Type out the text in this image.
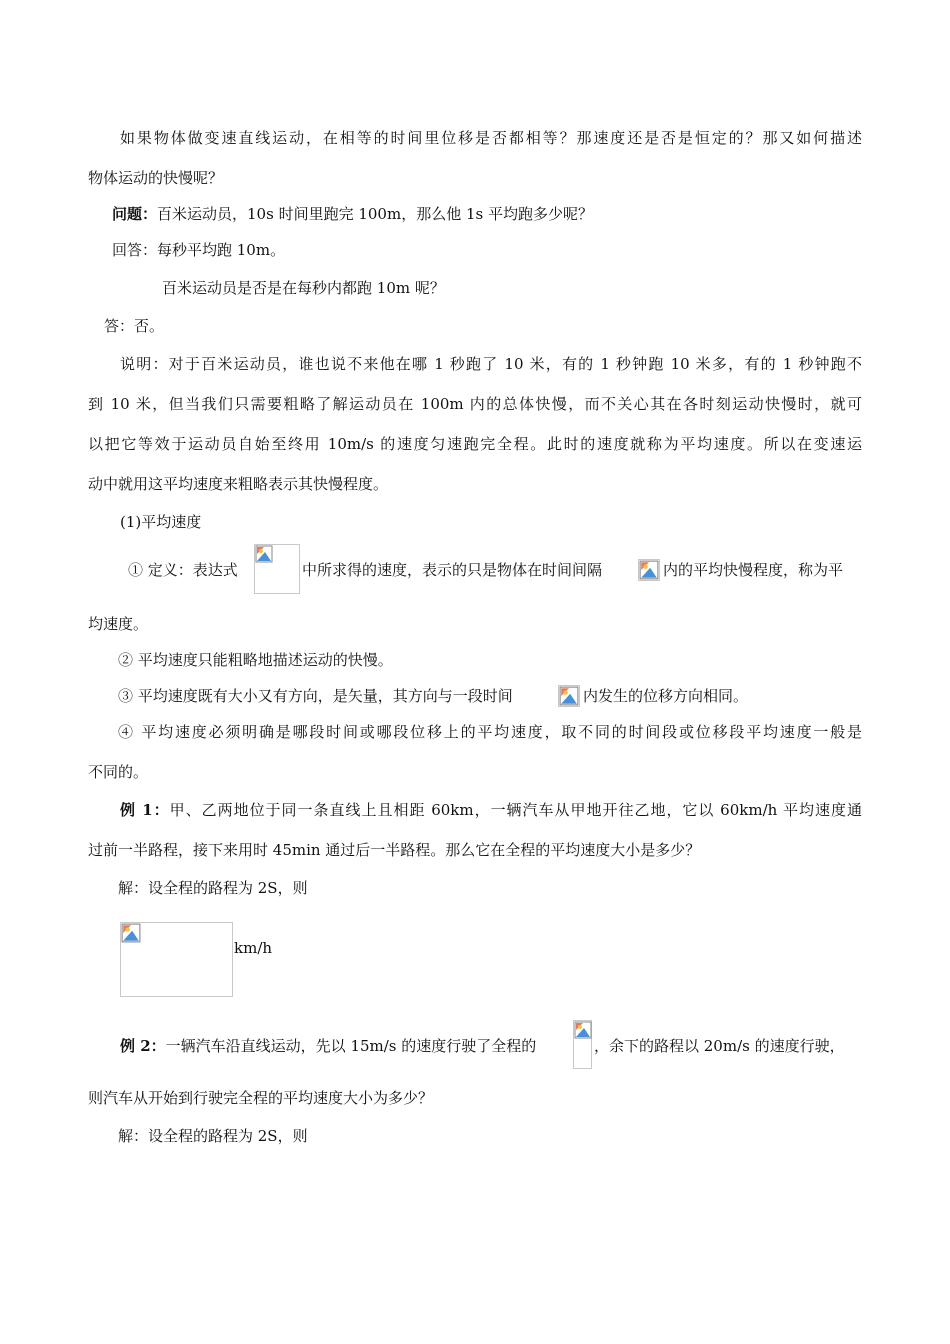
如果物体做变速直线运动，在相等的时间里位移是否都相等？那速度还是否是恒定的？那又如何描述
物体运动的快慢呢？
问题：百米运动员，10s 时间里跑完 100m，那么他 1s 平均跑多少呢？
回答：每秒平均跑 10m。
百米运动员是否是在每秒内都跑 10m 呢？
答：否。
说明：对于百米运动员，谁也说不来他在哪 1 秒跑了 10 米，有的 1 秒钟跑 10 米多，有的 1 秒钟跑不
到 10 米，但当我们只需要粗略了解运动员在 100m 内的总体快慢，而不关心其在各时刻运动快慢时，就可
以把它等效于运动员自始至终用 10m/s 的速度匀速跑完全程。此时的速度就称为平均速度。所以在变速运
动中就用这平均速度来粗略表示其快慢程度。
(1)平均速度
① 定义：表达式	中所求得的速度，表示的只是物体在时间间隔	内的平均快慢程度，称为平
均速度。
② 平均速度只能粗略地描述运动的快慢。
③ 平均速度既有大小又有方向，是矢量，其方向与一段时间	内发生的位移方向相同。
④ 平均速度必须明确是哪段时间或哪段位移上的平均速度，取不同的时间段或位移段平均速度一般是
不同的。
例 1：甲、乙两地位于同一条直线上且相距 60km，一辆汽车从甲地开往乙地，它以 60km/h 平均速度通
过前一半路程，接下来用时 45min 通过后一半路程。那么它在全程的平均速度大小是多少？
解：设全程的路程为 2S，则
km/h
例 2：一辆汽车沿直线运动，先以 15m/s 的速度行驶了全程的	，余下的路程以 20m/s 的速度行驶，
则汽车从开始到行驶完全程的平均速度大小为多少？
解：设全程的路程为 2S，则
